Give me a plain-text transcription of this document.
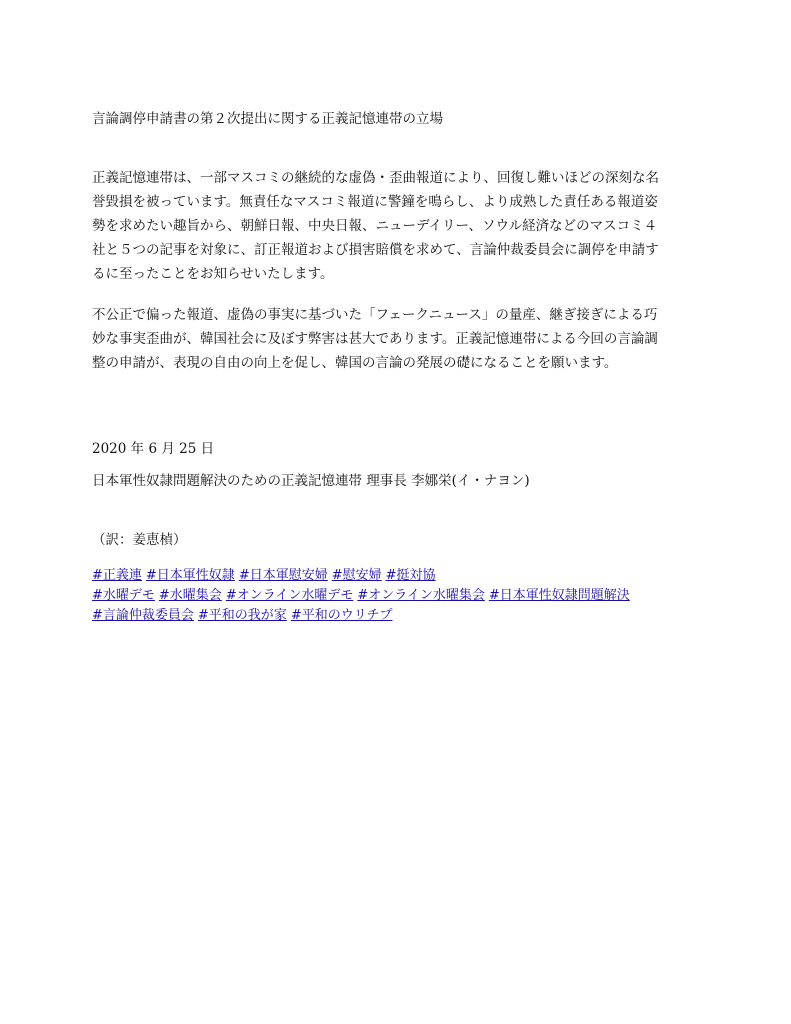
言論調停申請書の第２次提出に関する正義記憶連帯の立場

正義記憶連帯は、一部マスコミの継続的な虚偽・歪曲報道により、回復し難いほどの深刻な名
誉毀損を被っています。無責任なマスコミ報道に警鐘を鳴らし、より成熟した責任ある報道姿
勢を求めたい趣旨から、朝鮮日報、中央日報、ニューデイリー、ソウル経済などのマスコミ４
社と５つの記事を対象に、訂正報道および損害賠償を求めて、言論仲裁委員会に調停を申請す
るに至ったことをお知らせいたします。

不公正で偏った報道、虚偽の事実に基づいた「フェークニュース」の量産、継ぎ接ぎによる巧
妙な事実歪曲が、韓国社会に及ぼす弊害は甚大であります。正義記憶連帯による今回の言論調
整の申請が、表現の自由の向上を促し、韓国の言論の発展の礎になることを願います。

2020 年 6 月 25 日
日本軍性奴隷問題解決のための正義記憶連帯 理事長 李娜栄(イ・ナヨン)
（訳：姜恵楨）
#正義連 #日本軍性奴隷 #日本軍慰安婦 #慰安婦 #挺対協
#水曜デモ #水曜集会 #オンライン水曜デモ #オンライン水曜集会 #日本軍性奴隷問題解決
#言論仲裁委員会 #平和の我が家 #平和のウリチプ
